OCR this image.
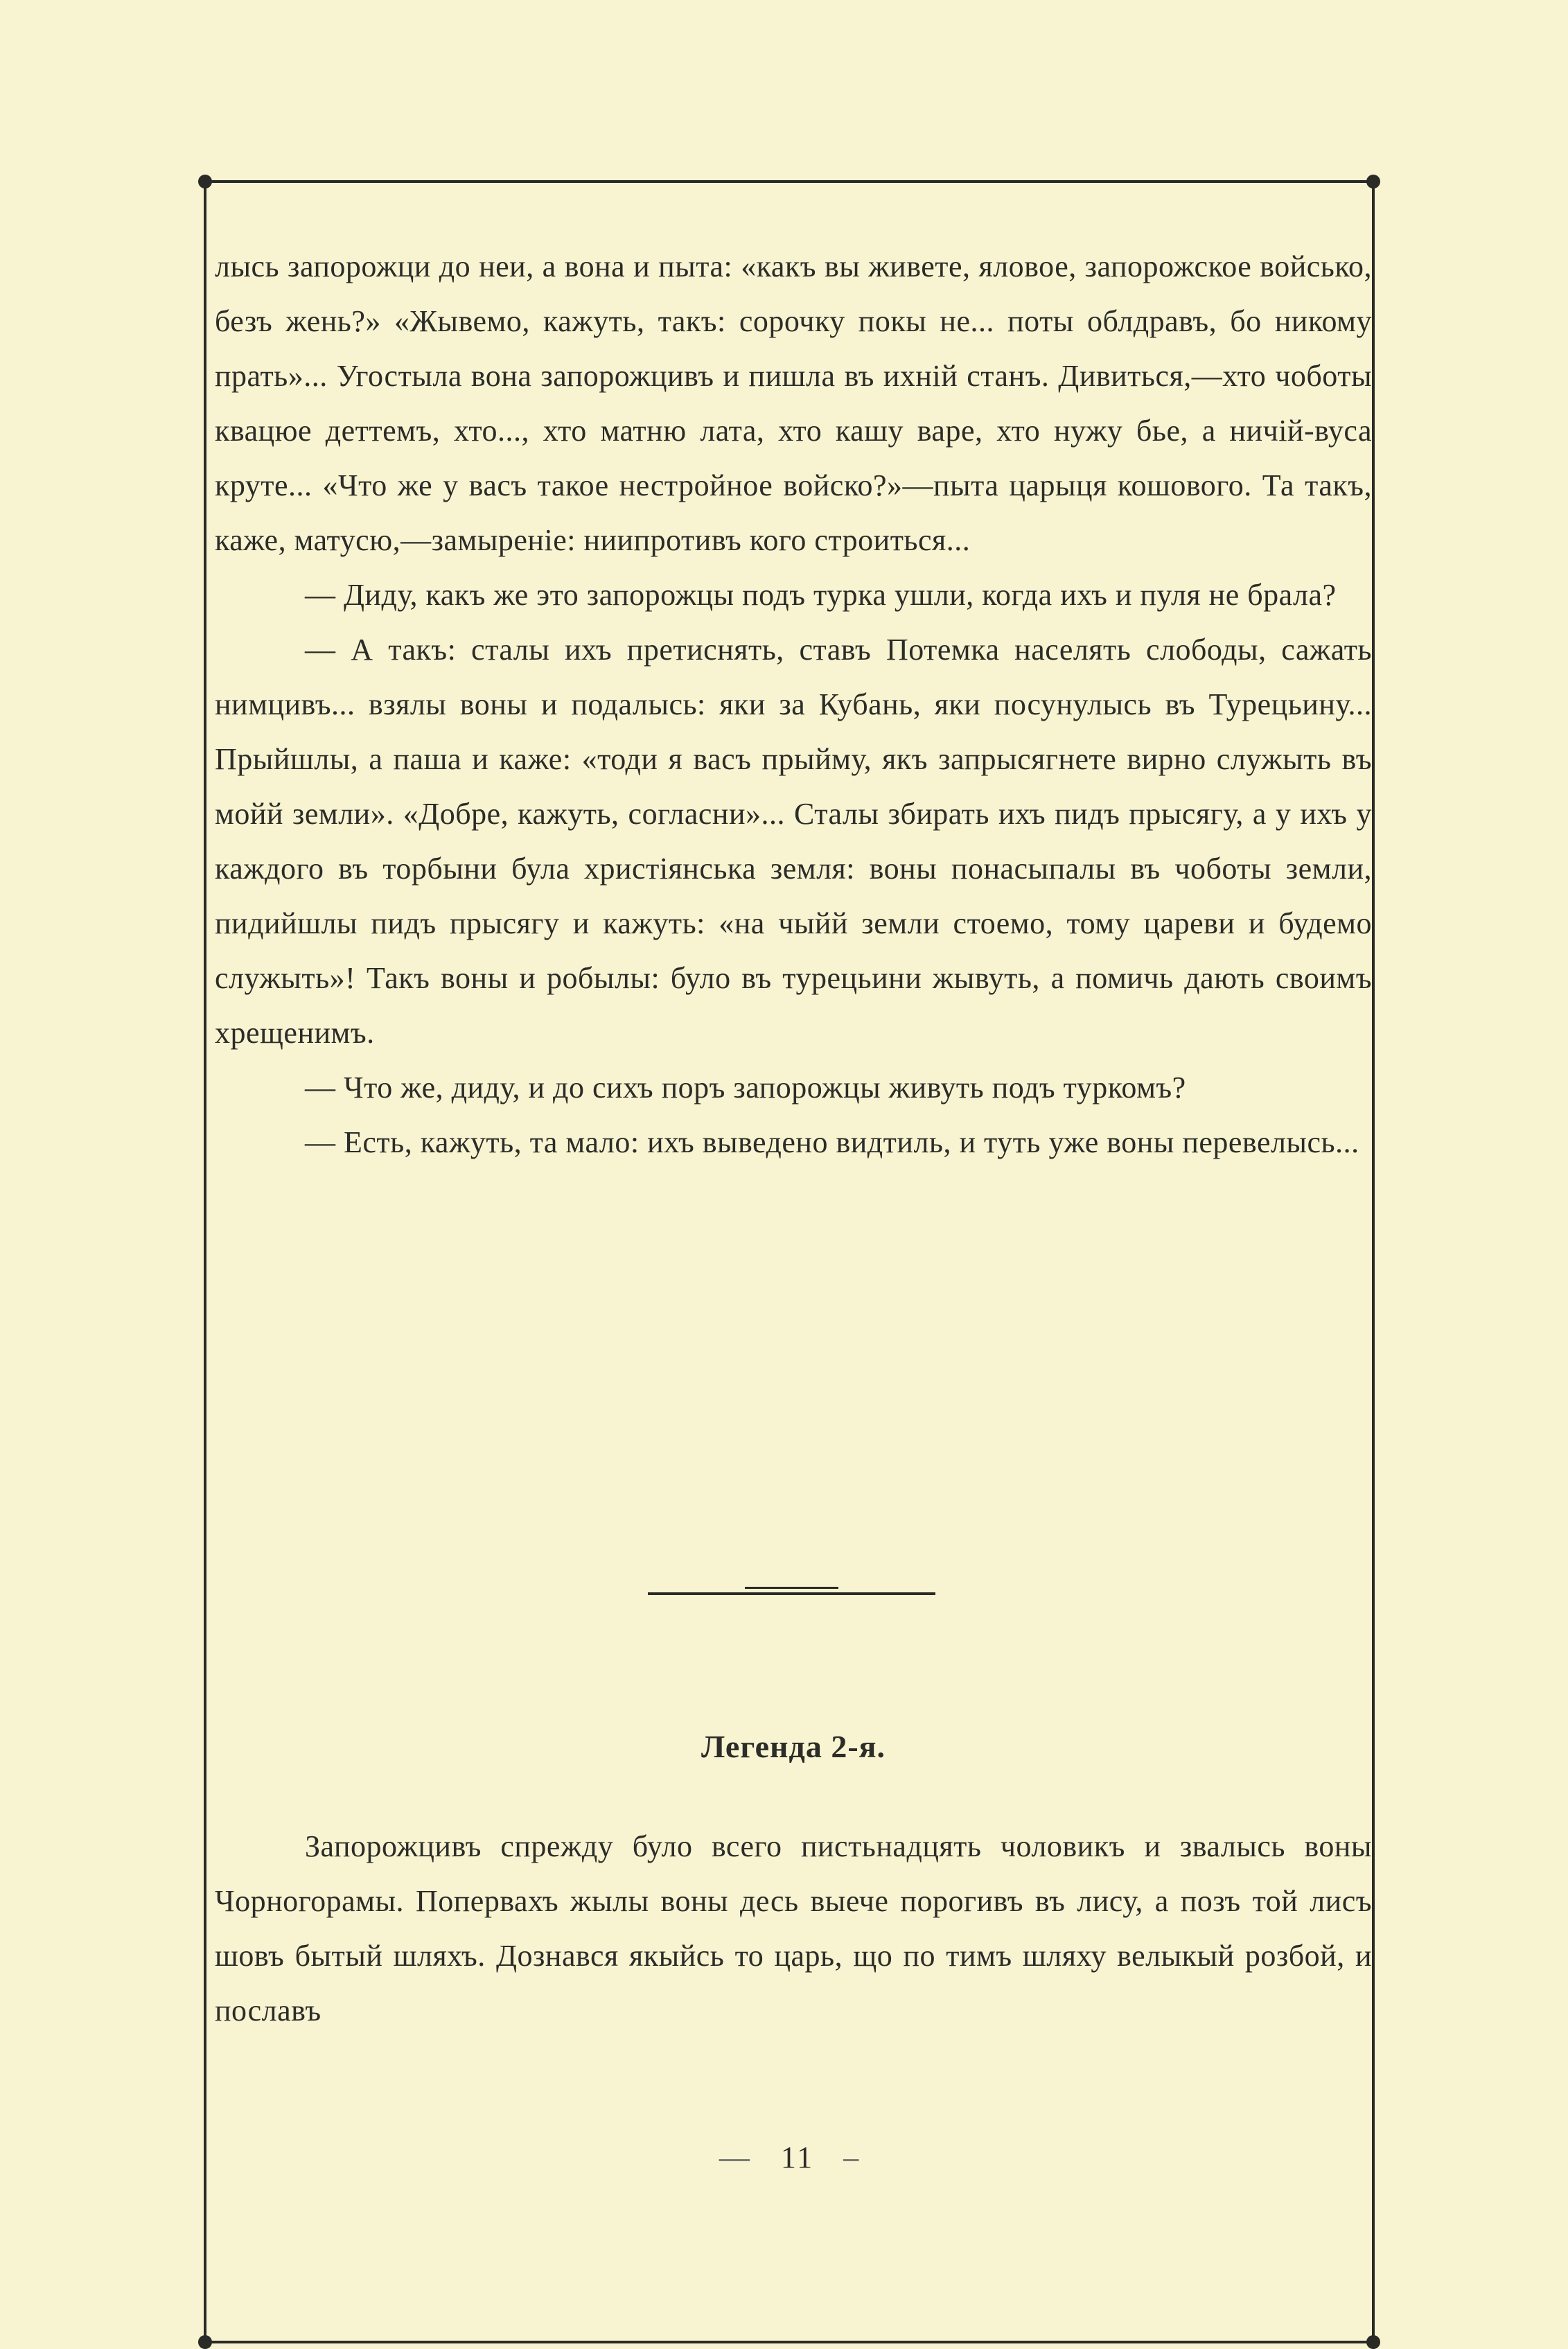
лысь запорожци до неи, а вона и пыта: «какъ вы живете, яловое, запорожское войсько, безъ жень?» «Жывемо, кажуть, такъ: сорочку покы не... поты облдравъ, бо никому прать»... Угостыла вона запорожцивъ и пишла въ ихній станъ. Дивиться,—хто чоботы квацюе деттемъ, хто..., хто матню лата, хто кашу варе, хто нужу бье, а ничій-вуса круте... «Что же у васъ такое нестройное войско?»—пыта царыця кошового. Та такъ, каже, матусю,—замыреніе: ниипротивъ кого строиться...

— Диду, какъ же это запорожцы подъ турка ушли, когда ихъ и пуля не брала?

— А такъ: сталы ихъ претиснять, ставъ Потемка населять слободы, сажать нимцивъ... взялы воны и подалысь: яки за Кубань, яки посунулысь въ Турецьину... Прыйшлы, а паша и каже: «тоди я васъ прыйму, якъ запрысягнете вирно служыть въ мойй земли». «Добре, кажуть, согласни»... Сталы збирать ихъ пидъ прысягу, а у ихъ у каждого въ торбыни була христіянська земля: воны понасыпалы въ чоботы земли, пидийшлы пидъ прысягу и кажуть: «на чыйй земли стоемо, тому цареви и будемо служыть»! Такъ воны и робылы: було въ турецьини жывуть, а помичь дають своимъ хрещенимъ.

— Что же, диду, и до сихъ поръ запорожцы живуть подъ туркомъ?

— Есть, кажуть, та мало: ихъ выведено видтиль, и туть уже воны перевелысь...

Легенда 2-я.

Запорожцивъ спрежду було всего пистьнадцять чоловикъ и звалысь воны Чорногорамы. Попервахъ жылы воны десь выече порогивъ въ лису, а позъ той лисъ шовъ бытый шляхъ. Дознався якыйсь то царь, що по тимъ шляху велыкый розбой, и пославъ

— 11 –
